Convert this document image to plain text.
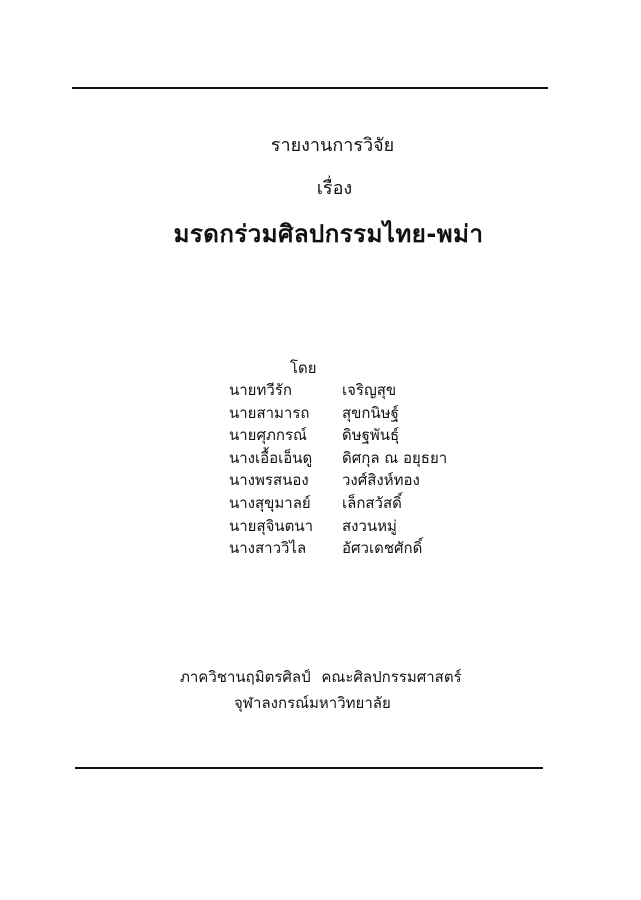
รายงานการวิจัย
เรื่อง
มรดกร่วมศิลปกรรมไทย-พม่า
โดย
นายทวีรัก	เจริญสุข
นายสามารถ	สุขกนิษฐ์
นายศุภกรณ์	ดิษฐพันธุ์
นางเอื้อเอ็นดู	ดิศกุล ณ อยุธยา
นางพรสนอง	วงศ์สิงห์ทอง
นางสุขุมาลย์	เล็กสวัสดิ์
นายสุจินตนา	สงวนหมู่
นางสาววิไล	อัศวเดชศักดิ์
ภาควิชานฤมิตรศิลป์ คณะศิลปกรรมศาสตร์
จุฬาลงกรณ์มหาวิทยาลัย
